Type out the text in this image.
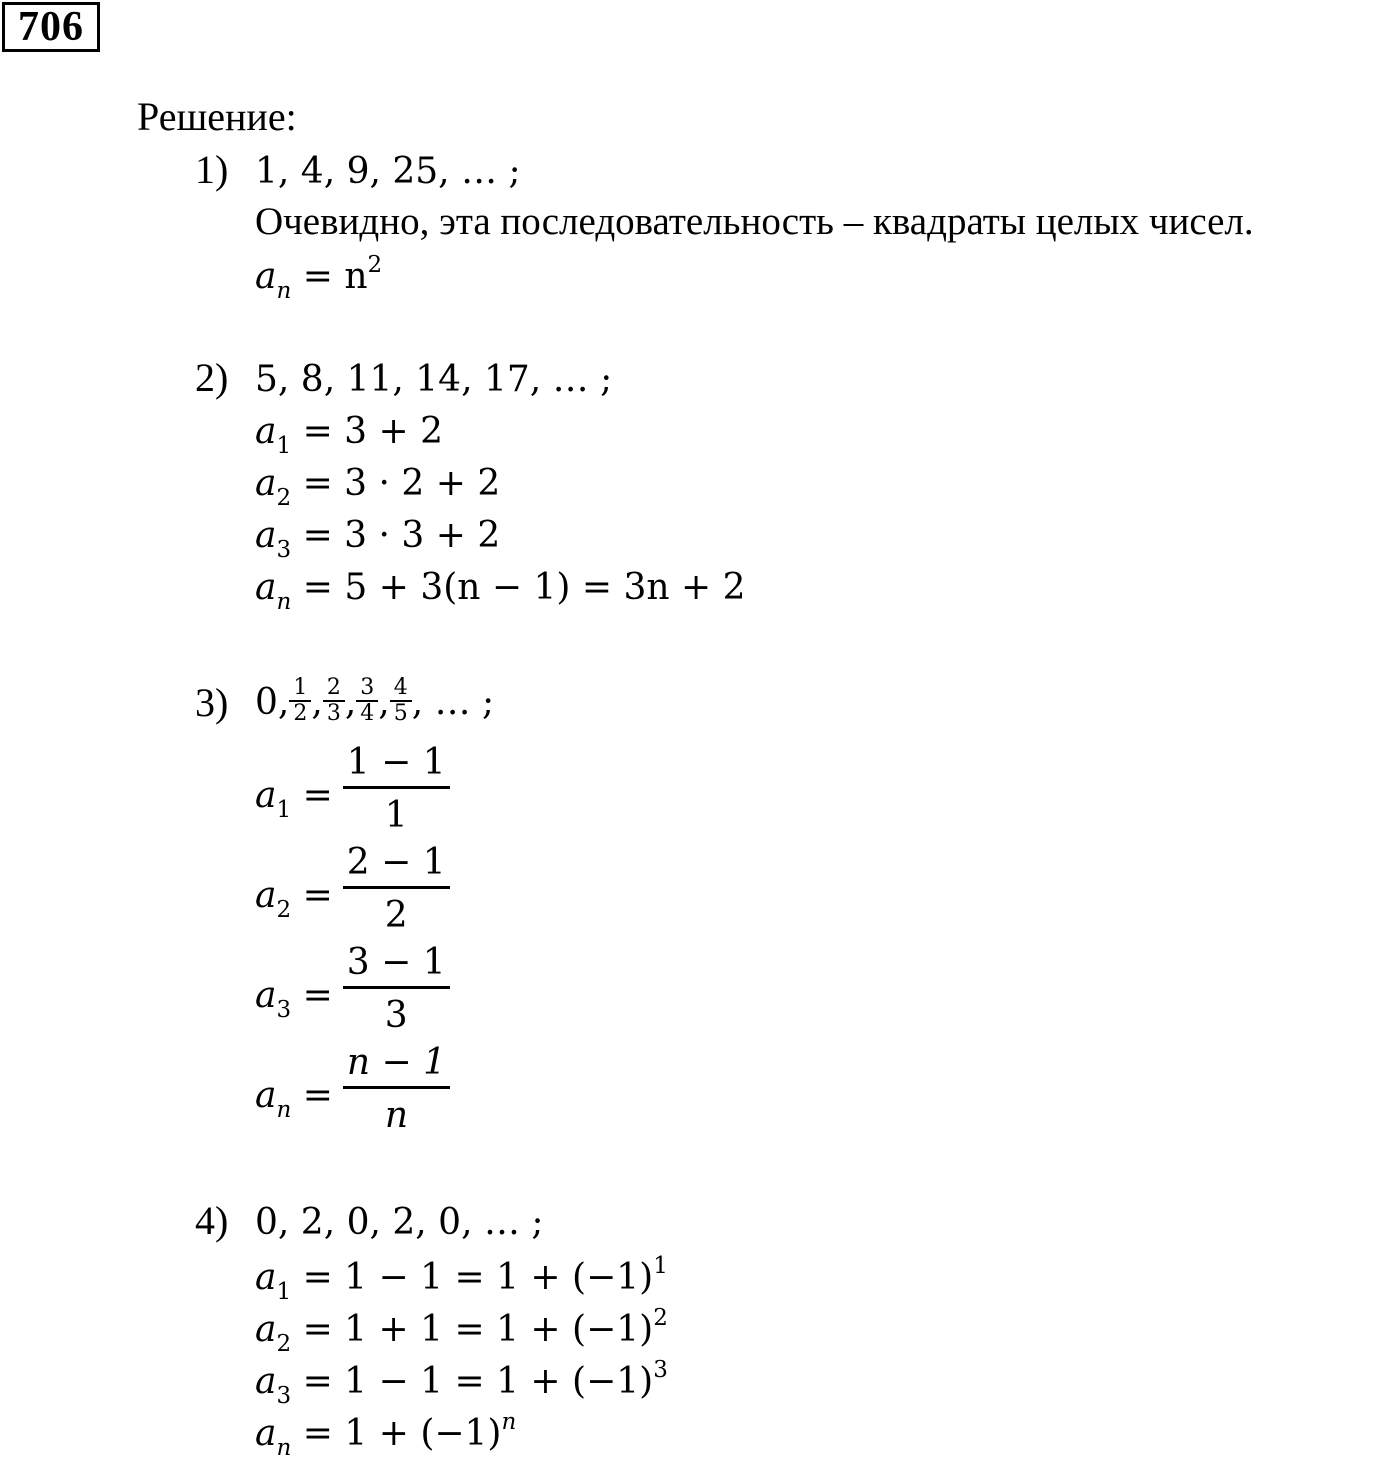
706
Решение:
1) 1, 4, 9, 25, … ;
Очевидно, эта последовательность – квадраты целых чисел.
$a_n = n^2$
2) 5, 8, 11, 14, 17, … ;
$a_1 = 3 + 2$
$a_2 = 3 \cdot 2 + 2$
$a_3 = 3 \cdot 3 + 2$
$a_n = 5 + 3(n - 1) = 3n + 2$
3) 0, $\frac{1}{2}$ , $\frac{2}{3}$ , $\frac{3}{4}$ , $\frac{4}{5}$ , … ;
$a_1 = \frac{1 - 1}{1}$
$a_2 = \frac{2 - 1}{2}$
$a_3 = \frac{3 - 1}{3}$
$a_n = \frac{n - 1}{n}$
4) 0, 2, 0, 2, 0, … ;
$a_1 = 1 - 1 = 1 + (-1)^1$
$a_2 = 1 + 1 = 1 + (-1)^2$
$a_3 = 1 - 1 = 1 + (-1)^3$
$a_n = 1 + (-1)^n$
